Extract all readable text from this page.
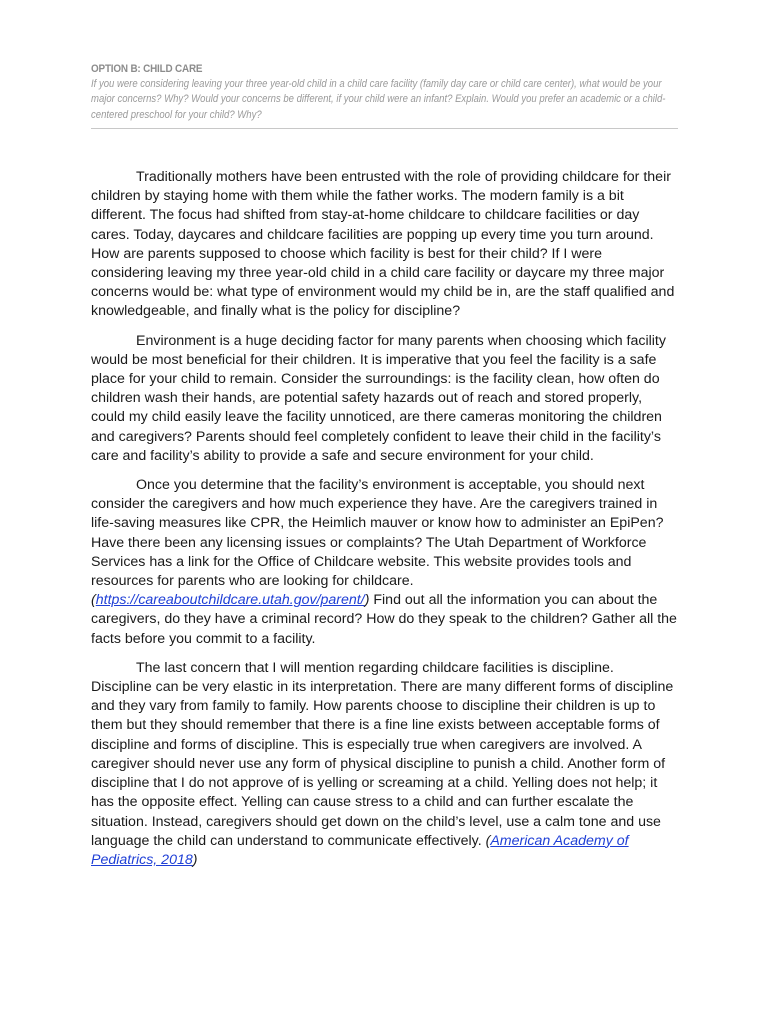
OPTION B: CHILD CARE
If you were considering leaving your three year-old child in a child care facility (family day care or child care center), what would be your major concerns? Why? Would your concerns be different, if your child were an infant? Explain. Would you prefer an academic or a child-centered preschool for your child? Why?

Traditionally mothers have been entrusted with the role of providing childcare for their children by staying home with them while the father works. The modern family is a bit different. The focus had shifted from stay-at-home childcare to childcare facilities or day cares. Today, daycares and childcare facilities are popping up every time you turn around. How are parents supposed to choose which facility is best for their child? If I were considering leaving my three year-old child in a child care facility or daycare my three major concerns would be: what type of environment would my child be in, are the staff qualified and knowledgeable, and finally what is the policy for discipline?

Environment is a huge deciding factor for many parents when choosing which facility would be most beneficial for their children. It is imperative that you feel the facility is a safe place for your child to remain. Consider the surroundings: is the facility clean, how often do children wash their hands, are potential safety hazards out of reach and stored properly, could my child easily leave the facility unnoticed, are there cameras monitoring the children and caregivers? Parents should feel completely confident to leave their child in the facility’s care and facility’s ability to provide a safe and secure environment for your child.

Once you determine that the facility’s environment is acceptable, you should next consider the caregivers and how much experience they have. Are the caregivers trained in life-saving measures like CPR, the Heimlich mauver or know how to administer an EpiPen? Have there been any licensing issues or complaints? The Utah Department of Workforce Services has a link for the Office of Childcare website. This website provides tools and resources for parents who are looking for childcare. (https://careaboutchildcare.utah.gov/parent/) Find out all the information you can about the caregivers, do they have a criminal record? How do they speak to the children? Gather all the facts before you commit to a facility.

The last concern that I will mention regarding childcare facilities is discipline. Discipline can be very elastic in its interpretation. There are many different forms of discipline and they vary from family to family. How parents choose to discipline their children is up to them but they should remember that there is a fine line exists between acceptable forms of discipline and forms of discipline. This is especially true when caregivers are involved. A caregiver should never use any form of physical discipline to punish a child. Another form of discipline that I do not approve of is yelling or screaming at a child. Yelling does not help; it has the opposite effect. Yelling can cause stress to a child and can further escalate the situation. Instead, caregivers should get down on the child’s level, use a calm tone and use language the child can understand to communicate effectively. (American Academy of Pediatrics, 2018)
